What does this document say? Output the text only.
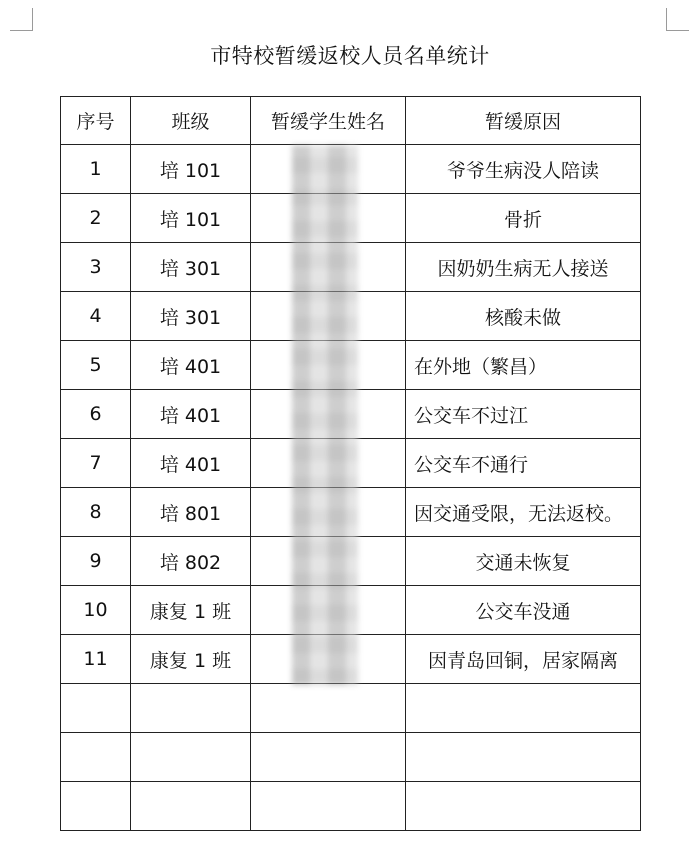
市特校暂缓返校人员名单统计
序号	班级	暂缓学生姓名	暂缓原因
1	培 101		爷爷生病没人陪读
2	培 101		骨折
3	培 301		因奶奶生病无人接送
4	培 301		核酸未做
5	培 401		在外地（繁昌）
6	培 401		公交车不过江
7	培 401		公交车不通行
8	培 801		因交通受限，无法返校。
9	培 802		交通未恢复
10	康复 1 班		公交车没通
11	康复 1 班		因青岛回铜，居家隔离
